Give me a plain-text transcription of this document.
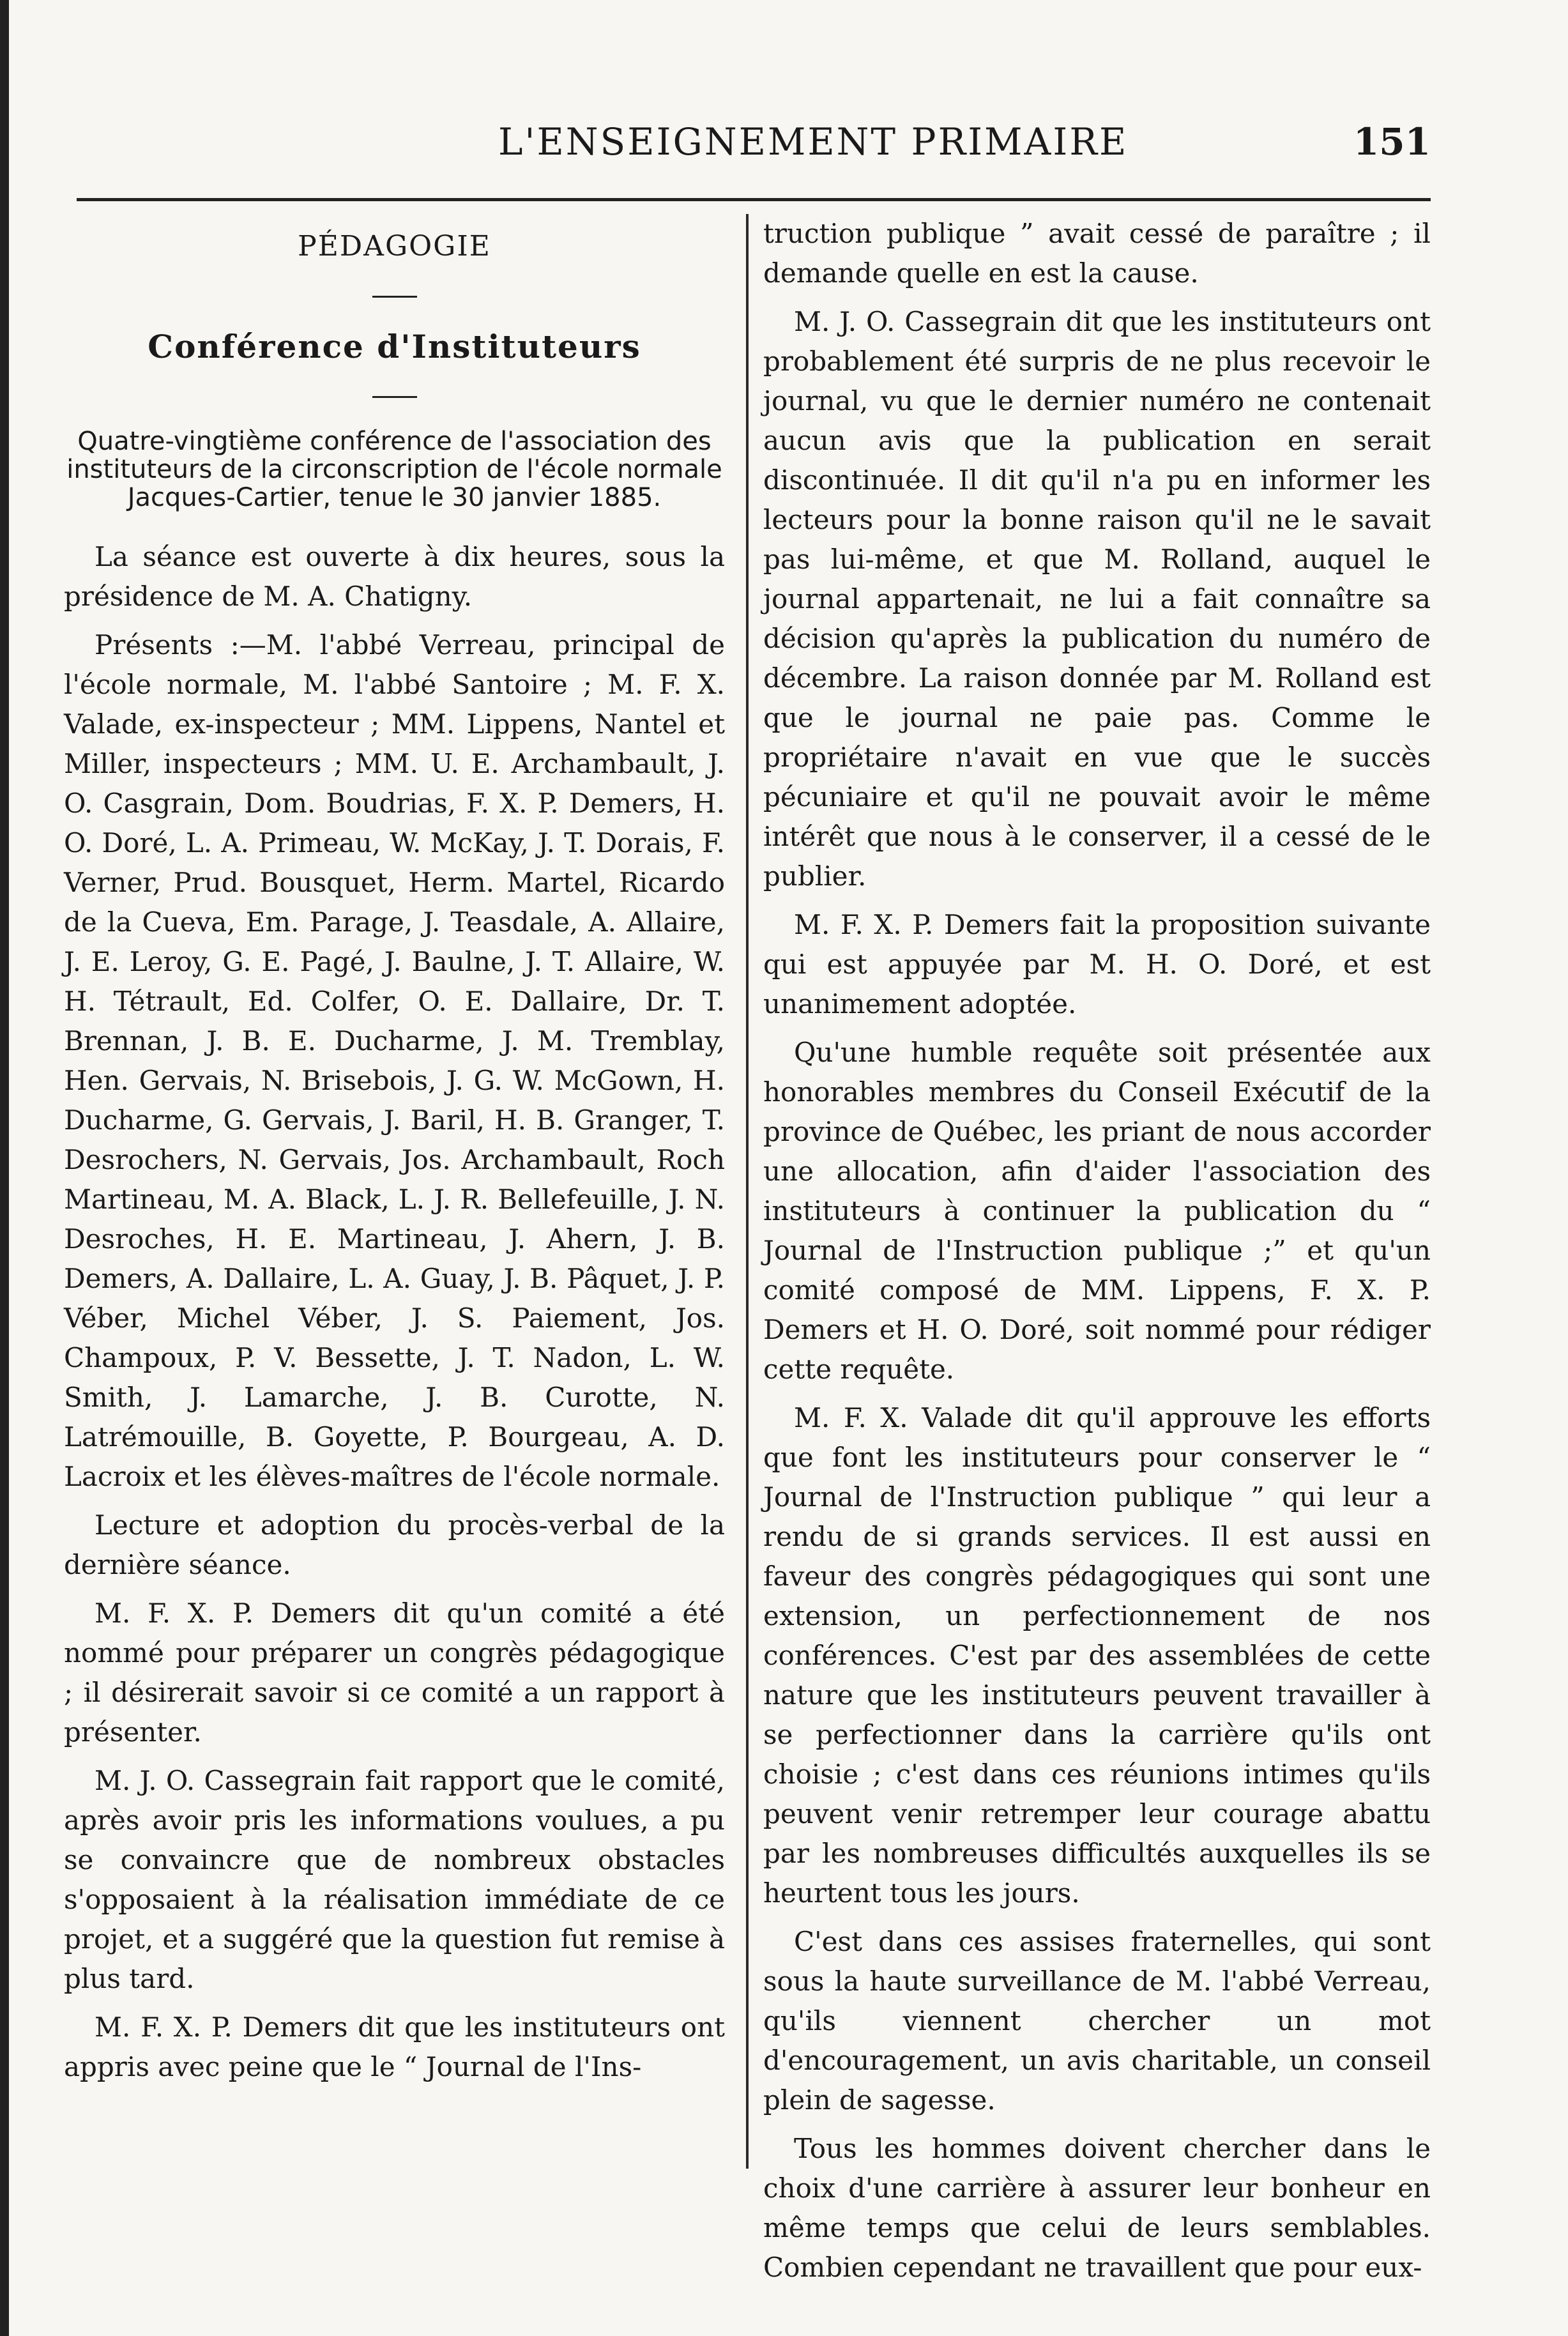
L'ENSEIGNEMENT PRIMAIRE	151
PÉDAGOGIE
Conférence d'Instituteurs
Quatre-vingtième conférence de l'association des instituteurs de la circonscription de l'école normale Jacques-Cartier, tenue le 30 janvier 1885.

La séance est ouverte à dix heures, sous la présidence de M. A. Chatigny.

Présents :—M. l'abbé Verreau, principal de l'école normale, M. l'abbé Santoire ; M. F. X. Valade, ex-inspecteur ; MM. Lippens, Nantel et Miller, inspecteurs ; MM. U. E. Archambault, J. O. Casgrain, Dom. Boudrias, F. X. P. Demers, H. O. Doré, L. A. Primeau, W. McKay, J. T. Dorais, F. Verner, Prud. Bousquet, Herm. Martel, Ricardo de la Cueva, Em. Parage, J. Teasdale, A. Allaire, J. E. Leroy, G. E. Pagé, J. Baulne, J. T. Allaire, W. H. Tétrault, Ed. Colfer, O. E. Dallaire, Dr. T. Brennan, J. B. E. Ducharme, J. M. Tremblay, Hen. Gervais, N. Brisebois, J. G. W. McGown, H. Ducharme, G. Gervais, J. Baril, H. B. Granger, T. Desrochers, N. Gervais, Jos. Archambault, Roch Martineau, M. A. Black, L. J. R. Bellefeuille, J. N. Desroches, H. E. Martineau, J. Ahern, J. B. Demers, A. Dallaire, L. A. Guay, J. B. Pâquet, J. P. Véber, Michel Véber, J. S. Paiement, Jos. Champoux, P. V. Bessette, J. T. Nadon, L. W. Smith, J. Lamarche, J. B. Curotte, N. Latrémouille, B. Goyette, P. Bourgeau, A. D. Lacroix et les élèves-maîtres de l'école normale.

Lecture et adoption du procès-verbal de la dernière séance.

M. F. X. P. Demers dit qu'un comité a été nommé pour préparer un congrès pédagogique ; il désirerait savoir si ce comité a un rapport à présenter.

M. J. O. Cassegrain fait rapport que le comité, après avoir pris les informations voulues, a pu se convaincre que de nombreux obstacles s'opposaient à la réalisation immédiate de ce projet, et a suggéré que la question fut remise à plus tard.

M. F. X. P. Demers dit que les instituteurs ont appris avec peine que le “ Journal de l'Ins-

truction publique ” avait cessé de paraître ; il demande quelle en est la cause.

M. J. O. Cassegrain dit que les instituteurs ont probablement été surpris de ne plus recevoir le journal, vu que le dernier numéro ne contenait aucun avis que la publication en serait discontinuée. Il dit qu'il n'a pu en informer les lecteurs pour la bonne raison qu'il ne le savait pas lui-même, et que M. Rolland, auquel le journal appartenait, ne lui a fait connaître sa décision qu'après la publication du numéro de décembre. La raison donnée par M. Rolland est que le journal ne paie pas. Comme le propriétaire n'avait en vue que le succès pécuniaire et qu'il ne pouvait avoir le même intérêt que nous à le conserver, il a cessé de le publier.

M. F. X. P. Demers fait la proposition suivante qui est appuyée par M. H. O. Doré, et est unanimement adoptée.

Qu'une humble requête soit présentée aux honorables membres du Conseil Exécutif de la province de Québec, les priant de nous accorder une allocation, afin d'aider l'association des instituteurs à continuer la publication du “ Journal de l'Instruction publique ;” et qu'un comité composé de MM. Lippens, F. X. P. Demers et H. O. Doré, soit nommé pour rédiger cette requête.

M. F. X. Valade dit qu'il approuve les efforts que font les instituteurs pour conserver le “ Journal de l'Instruction publique ” qui leur a rendu de si grands services. Il est aussi en faveur des congrès pédagogiques qui sont une extension, un perfectionnement de nos conférences. C'est par des assemblées de cette nature que les instituteurs peuvent travailler à se perfectionner dans la carrière qu'ils ont choisie ; c'est dans ces réunions intimes qu'ils peuvent venir retremper leur courage abattu par les nombreuses difficultés auxquelles ils se heurtent tous les jours.

C'est dans ces assises fraternelles, qui sont sous la haute surveillance de M. l'abbé Verreau, qu'ils viennent chercher un mot d'encouragement, un avis charitable, un conseil plein de sagesse.

Tous les hommes doivent chercher dans le choix d'une carrière à assurer leur bonheur en même temps que celui de leurs semblables. Combien cependant ne travaillent que pour eux-
